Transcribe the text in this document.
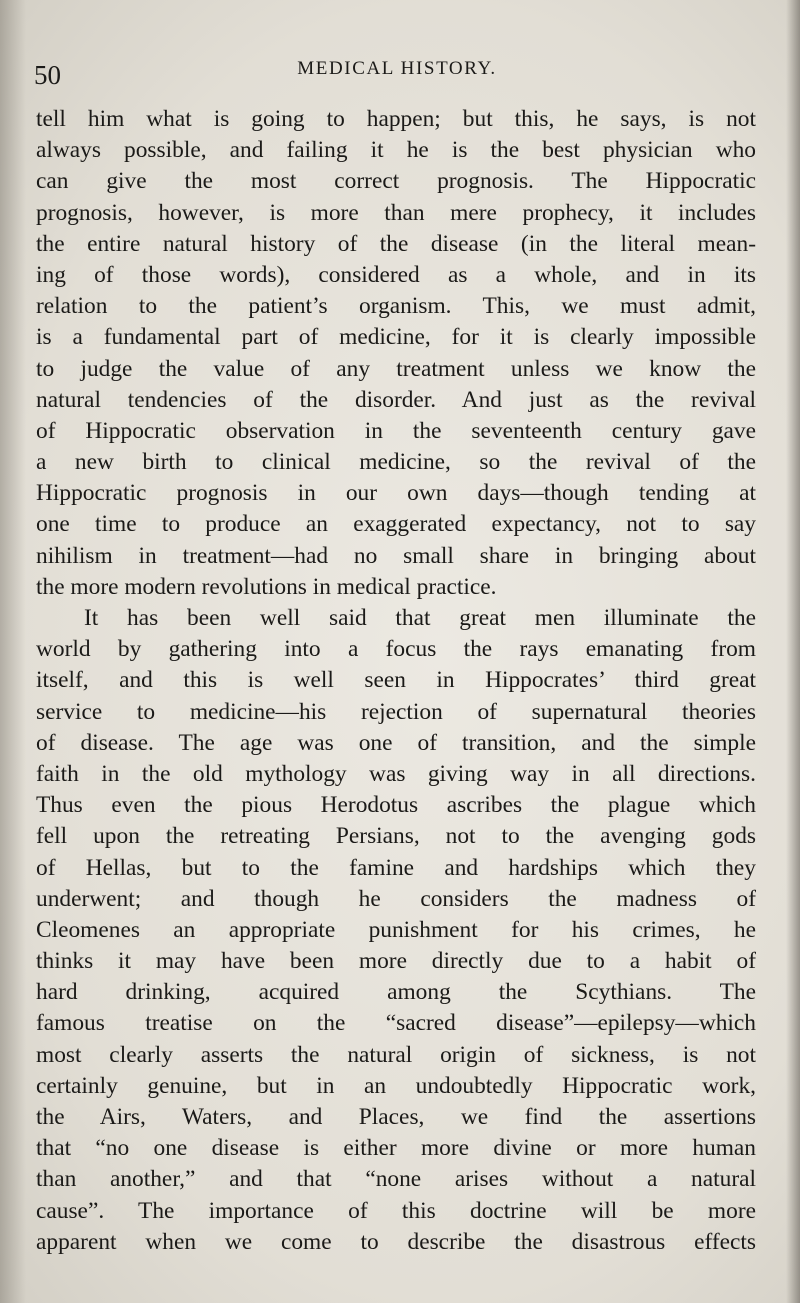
50	MEDICAL HISTORY.
tell him what is going to happen; but this, he says, is not
always possible, and failing it he is the best physician who
can give the most correct prognosis. The Hippocratic
prognosis, however, is more than mere prophecy, it includes
the entire natural history of the disease (in the literal mean-
ing of those words), considered as a whole, and in its
relation to the patient’s organism. This, we must admit,
is a fundamental part of medicine, for it is clearly impossible
to judge the value of any treatment unless we know the
natural tendencies of the disorder. And just as the revival
of Hippocratic observation in the seventeenth century gave
a new birth to clinical medicine, so the revival of the
Hippocratic prognosis in our own days—though tending at
one time to produce an exaggerated expectancy, not to say
nihilism in treatment—had no small share in bringing about
the more modern revolutions in medical practice.
It has been well said that great men illuminate the
world by gathering into a focus the rays emanating from
itself, and this is well seen in Hippocrates’ third great
service to medicine—his rejection of supernatural theories
of disease. The age was one of transition, and the simple
faith in the old mythology was giving way in all directions.
Thus even the pious Herodotus ascribes the plague which
fell upon the retreating Persians, not to the avenging gods
of Hellas, but to the famine and hardships which they
underwent; and though he considers the madness of
Cleomenes an appropriate punishment for his crimes, he
thinks it may have been more directly due to a habit of
hard drinking, acquired among the Scythians. The
famous treatise on the “sacred disease”—epilepsy—which
most clearly asserts the natural origin of sickness, is not
certainly genuine, but in an undoubtedly Hippocratic work,
the Airs, Waters, and Places, we find the assertions
that “no one disease is either more divine or more human
than another,” and that “none arises without a natural
cause”. The importance of this doctrine will be more
apparent when we come to describe the disastrous effects
